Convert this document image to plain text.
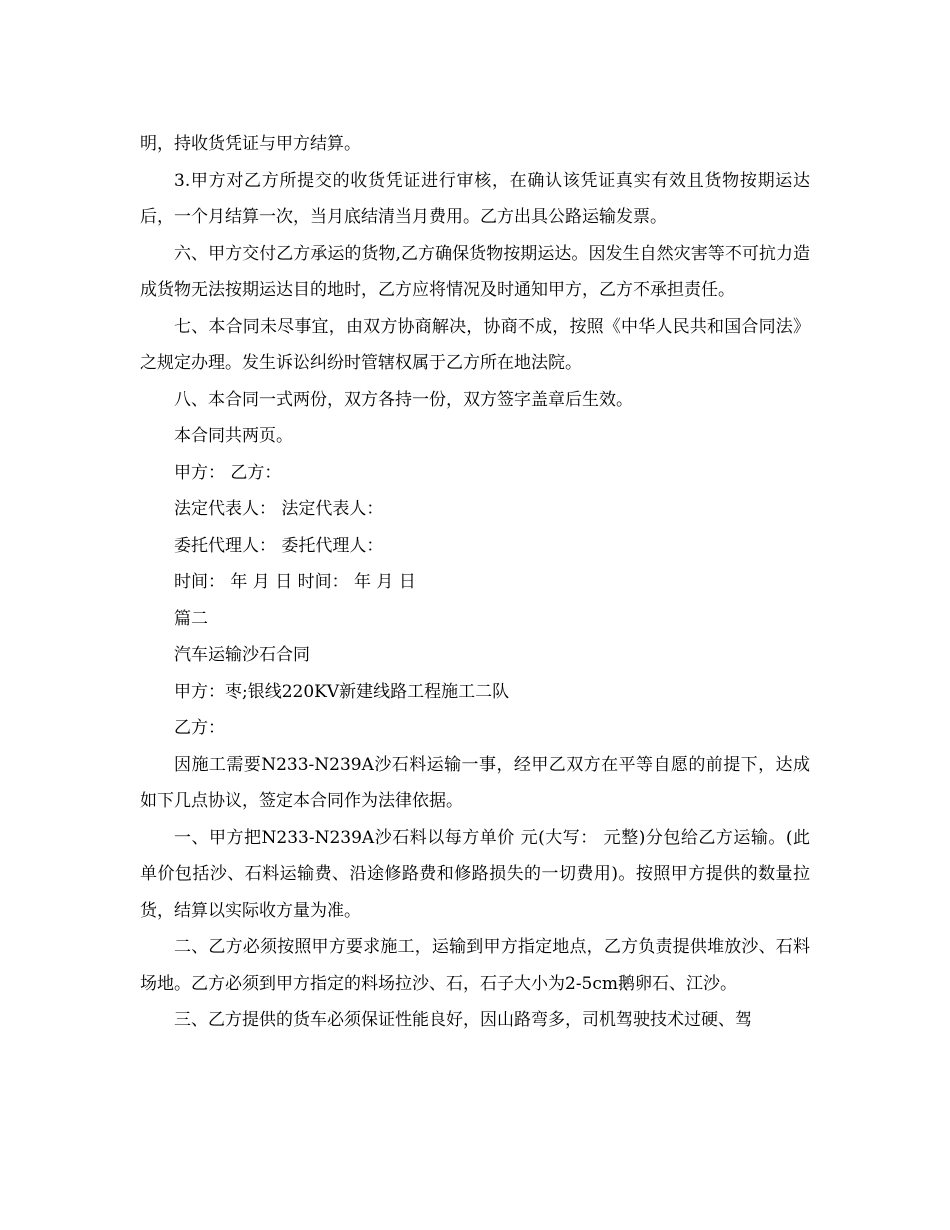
明，持收货凭证与甲方结算。

3.甲方对乙方所提交的收货凭证进行审核，在确认该凭证真实有效且货物按期运达后，一个月结算一次，当月底结清当月费用。乙方出具公路运输发票。

六、甲方交付乙方承运的货物,乙方确保货物按期运达。因发生自然灾害等不可抗力造成货物无法按期运达目的地时，乙方应将情况及时通知甲方，乙方不承担责任。

七、本合同未尽事宜，由双方协商解决，协商不成，按照《中华人民共和国合同法》之规定办理。发生诉讼纠纷时管辖权属于乙方所在地法院。

八、本合同一式两份，双方各持一份，双方签字盖章后生效。

本合同共两页。

甲方： 乙方：

法定代表人： 法定代表人：

委托代理人： 委托代理人：

时间： 年 月 日 时间： 年 月 日

篇二

汽车运输沙石合同

甲方：枣;银线220KV新建线路工程施工二队

乙方：

因施工需要N233-N239A沙石料运输一事，经甲乙双方在平等自愿的前提下，达成如下几点协议，签定本合同作为法律依据。

一、甲方把N233-N239A沙石料以每方单价 元(大写： 元整)分包给乙方运输。(此单价包括沙、石料运输费、沿途修路费和修路损失的一切费用)。按照甲方提供的数量拉货，结算以实际收方量为准。

二、乙方必须按照甲方要求施工，运输到甲方指定地点，乙方负责提供堆放沙、石料场地。乙方必须到甲方指定的料场拉沙、石，石子大小为2-5cm鹅卵石、江沙。

三、乙方提供的货车必须保证性能良好，因山路弯多，司机驾驶技术过硬、驾
